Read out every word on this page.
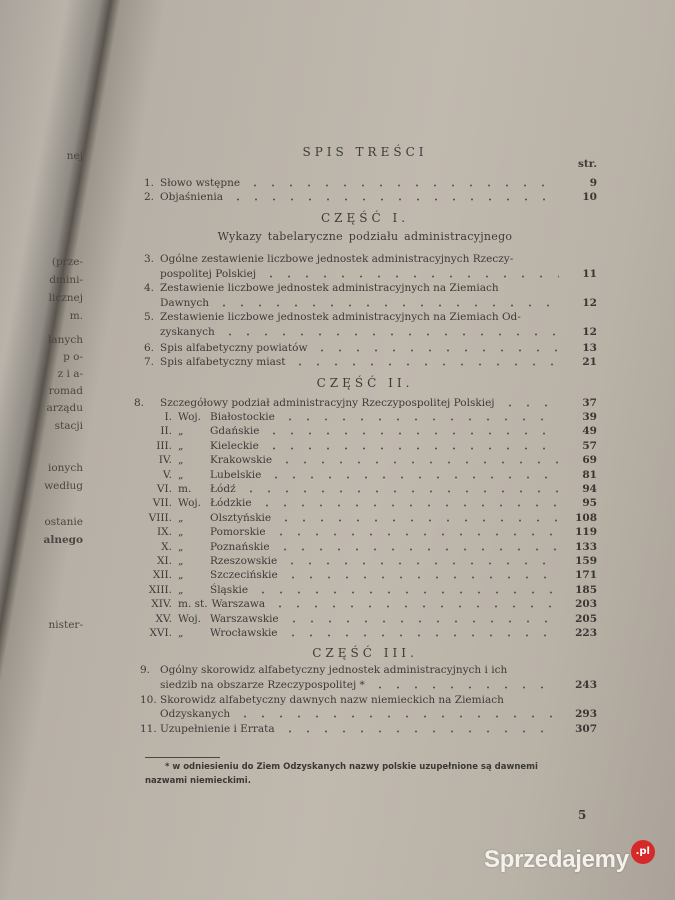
nej
(prze-
dmini-
licznej
m.
lanych
p o-
z i a-
romad
arządu
stacji
ionych
według
ostanie
alnego
nister-
SPIS TREŚCI
str.
1. Słowo wstępne	9
2. Objaśnienia	10
CZĘŚĆ I.
Wykazy tabelaryczne podziału administracyjnego
3. Ogólne zestawienie liczbowe jednostek administracyjnych Rzeczy-
pospolitej Polskiej	11
4. Zestawienie liczbowe jednostek administracyjnych na Ziemiach
Dawnych	12
5. Zestawienie liczbowe jednostek administracyjnych na Ziemiach Od-
zyskanych	12
6. Spis alfabetyczny powiatów	13
7. Spis alfabetyczny miast	21
CZĘŚĆ II.
8.	Szczegółowy podział administracyjny Rzeczypospolitej Polskiej	37
I. Woj. Białostockie	39
II. „	Gdańskie	49
III. „	Kieleckie	57
IV. „	Krakowskie	69
V. „	Lubelskie	81
VI. m.	Łódź	94
VII. Woj. Łódzkie	95
VIII. „	Olsztyńskie	108
IX. „	Pomorskie	119
X. „	Poznańskie	133
XI. „	Rzeszowskie	159
XII. „	Szczecińskie	171
XIII. „	Śląskie	185
XIV. m. st. Warszawa	203
XV. Woj. Warszawskie	205
XVI. „	Wrocławskie	223
CZĘŚĆ III.
9. Ogólny skorowidz alfabetyczny jednostek administracyjnych i ich
siedzib na obszarze Rzeczypospolitej *	243
10. Skorowidz alfabetyczny dawnych nazw niemieckich na Ziemiach
Odzyskanych	293
11. Uzupełnienie i Errata	307
* w odniesieniu do Ziem Odzyskanych nazwy polskie uzupełnione są dawnemi
nazwami niemieckimi.
5
Sprzedajemy .pl
